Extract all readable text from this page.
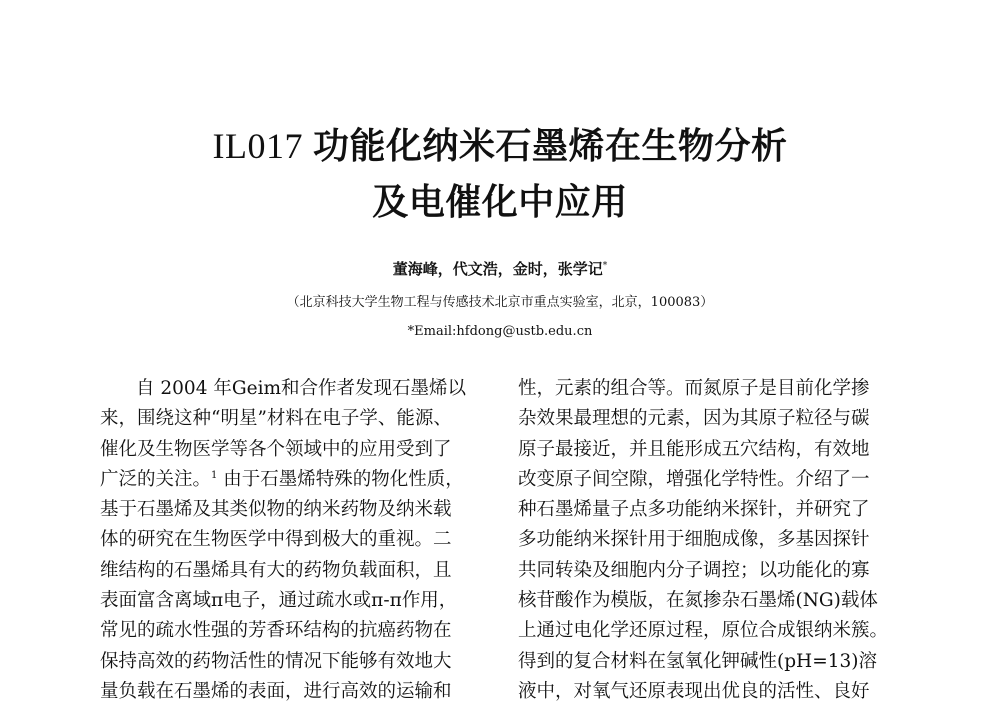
IL017 功能化纳米石墨烯在生物分析
及电催化中应用
董海峰，代文浩，金时，张学记*
（北京科技大学生物工程与传感技术北京市重点实验室，北京，100083）
*Email:hfdong@ustb.edu.cn
自 2004 年Geim和合作者发现石墨烯以
来，围绕这种“明星”材料在电子学、能源、
催化及生物医学等各个领域中的应用受到了
广泛的关注。$^1$ 由于石墨烯特殊的物化性质，
基于石墨烯及其类似物的纳米药物及纳米载
体的研究在生物医学中得到极大的重视。二
维结构的石墨烯具有大的药物负载面积，且
表面富含离域π电子，通过疏水或π-π作用，
常见的疏水性强的芳香环结构的抗癌药物在
保持高效的药物活性的情况下能够有效地大
量负载在石墨烯的表面，进行高效的运输和
性，元素的组合等。而氮原子是目前化学掺
杂效果最理想的元素，因为其原子粒径与碳
原子最接近，并且能形成五穴结构，有效地
改变原子间空隙，增强化学特性。介绍了一
种石墨烯量子点多功能纳米探针，并研究了
多功能纳米探针用于细胞成像，多基因探针
共同转染及细胞内分子调控；以功能化的寡
核苷酸作为模版，在氮掺杂石墨烯(NG)载体
上通过电化学还原过程，原位合成银纳米簇。
得到的复合材料在氢氧化钾碱性(pH=13)溶
液中，对氧气还原表现出优良的活性、良好
